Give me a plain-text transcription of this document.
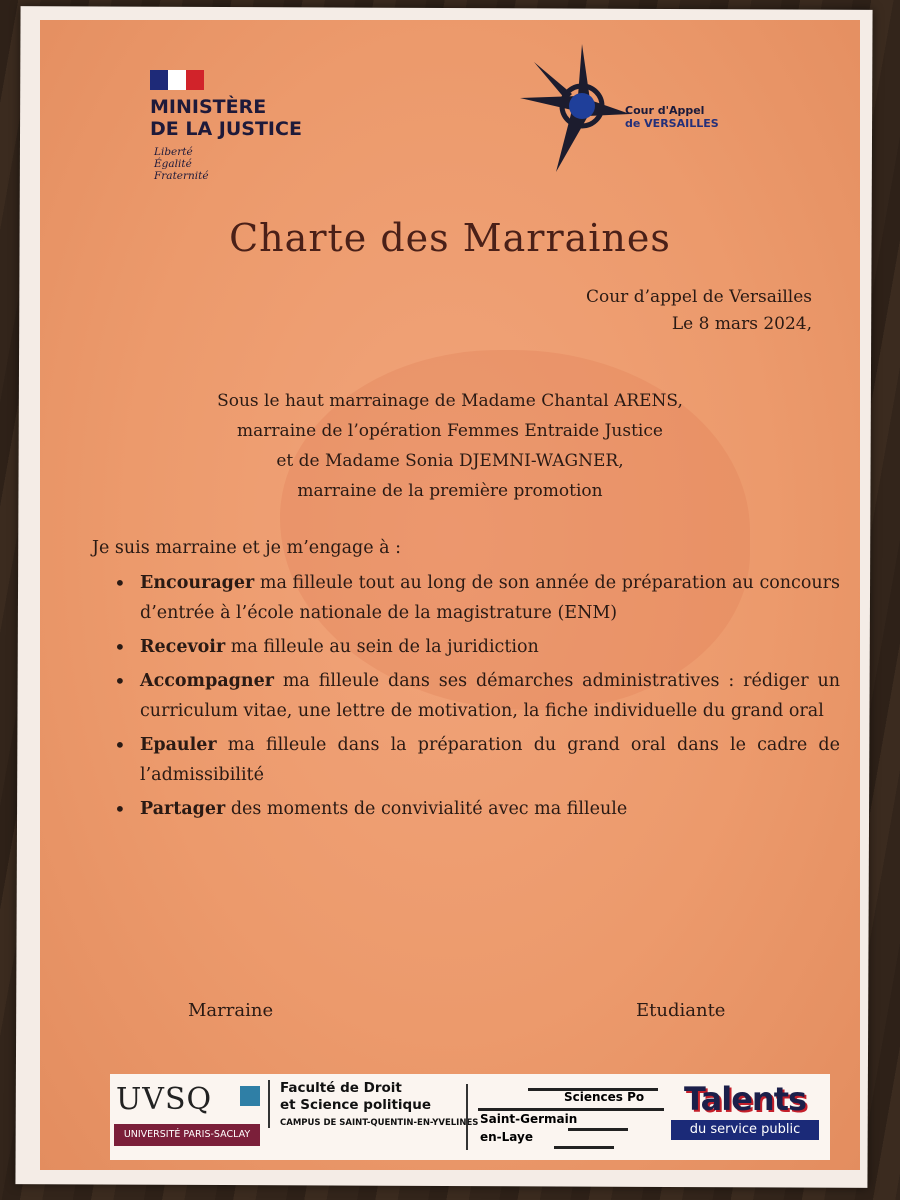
MINISTÈRE
DE LA JUSTICE
Liberté
Égalité
Fraternité
Cour d'Appel
de VERSAILLES
Charte des Marraines
Cour d’appel de Versailles
Le 8 mars 2024,
Sous le haut marrainage de Madame Chantal ARENS,
marraine de l’opération Femmes Entraide Justice
et de Madame Sonia DJEMNI-WAGNER,
marraine de la première promotion
Je suis marraine et je m’engage à :
• Encourager ma filleule tout au long de son année de préparation au concours d’entrée à l’école nationale de la magistrature (ENM)
• Recevoir ma filleule au sein de la juridiction
• Accompagner ma filleule dans ses démarches administratives : rédiger un curriculum vitae, une lettre de motivation, la fiche individuelle du grand oral
• Epauler ma filleule dans la préparation du grand oral dans le cadre de l’admissibilité
• Partager des moments de convivialité avec ma filleule
Marraine	Etudiante
UVSQ
UNIVERSITÉ PARIS-SACLAY
Faculté de Droit
et Science politique
CAMPUS DE SAINT-QUENTIN-EN-YVELINES
Sciences Po
Saint-Germain
en-Laye
Talents
du service public
